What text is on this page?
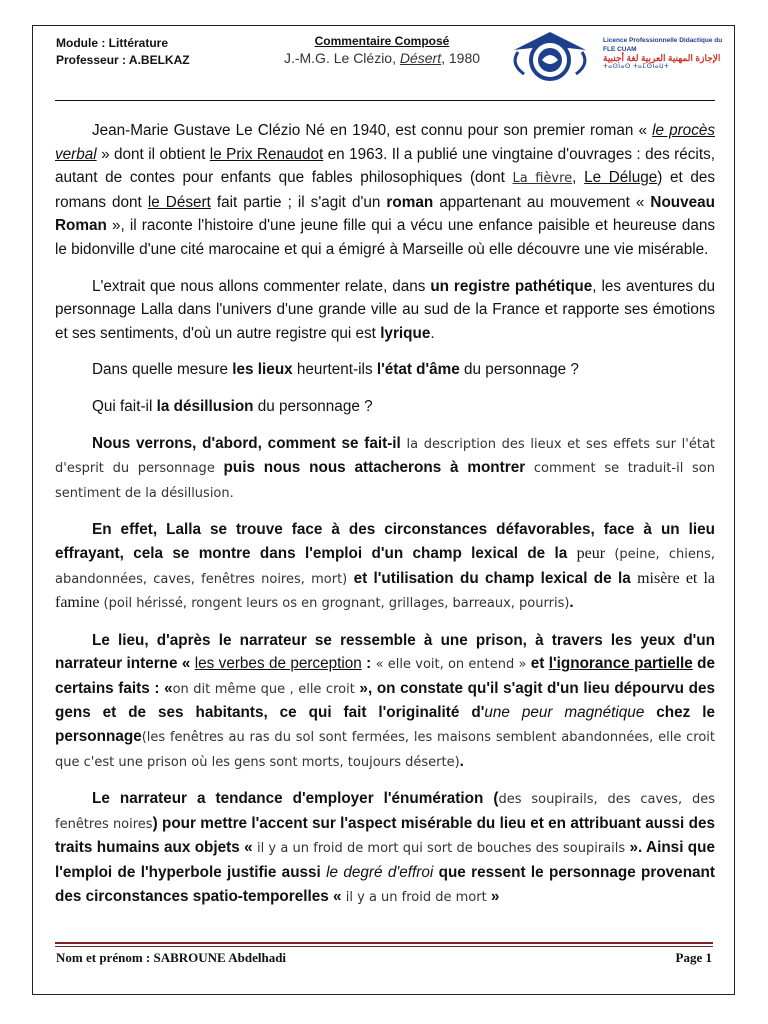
Module : Littérature
Professeur : A.BELKAZ
Commentaire Composé
J.-M.G. Le Clézio, Désert, 1980
Licence Professionnelle Didactique du FLE CUAM
الإجازة المهنية العربية لغة أجنبية
ⵜⴰⵙⵏⴰⵙ ⵜⴰⵎⵙⵏⴰⵡⵜ

Jean-Marie Gustave Le Clézio Né en 1940, est connu pour son premier roman « le procès verbal » dont il obtient le Prix Renaudot en 1963. Il a publié une vingtaine d'ouvrages : des récits, autant de contes pour enfants que fables philosophiques (dont La fièvre, Le Déluge) et des romans dont le Désert fait partie ; il s'agit d'un roman appartenant au mouvement « Nouveau Roman », il raconte l'histoire d'une jeune fille qui a vécu une enfance paisible et heureuse dans le bidonville d'une cité marocaine et qui a émigré à Marseille où elle découvre une vie misérable.

L'extrait que nous allons commenter relate, dans un registre pathétique, les aventures du personnage Lalla dans l'univers d'une grande ville au sud de la France et rapporte ses émotions et ses sentiments, d'où un autre registre qui est lyrique.

Dans quelle mesure les lieux heurtent-ils l'état d'âme du personnage ?

Qui fait-il la désillusion du personnage ?

Nous verrons, d'abord, comment se fait-il la description des lieux et ses effets sur l'état d'esprit du personnage puis nous nous attacherons à montrer comment se traduit-il son sentiment de la désillusion.

En effet, Lalla se trouve face à des circonstances défavorables, face à un lieu effrayant, cela se montre dans l'emploi d'un champ lexical de la peur (peine, chiens, abandonnées, caves, fenêtres noires, mort) et l'utilisation du champ lexical de la misère et la famine (poil hérissé, rongent leurs os en grognant, grillages, barreaux, pourris).

Le lieu, d'après le narrateur se ressemble à une prison, à travers les yeux d'un narrateur interne « les verbes de perception : « elle voit, on entend » et l'ignorance partielle de certains faits : «on dit même que , elle croit », on constate qu'il s'agit d'un lieu dépourvu des gens et de ses habitants, ce qui fait l'originalité d'une peur magnétique chez le personnage(les fenêtres au ras du sol sont fermées, les maisons semblent abandonnées, elle croit que c'est une prison où les gens sont morts, toujours déserte).

Le narrateur a tendance d'employer l'énumération (des soupirails, des caves, des fenêtres noires) pour mettre l'accent sur l'aspect misérable du lieu et en attribuant aussi des traits humains aux objets « il y a un froid de mort qui sort de bouches des soupirails ». Ainsi que l'emploi de l'hyperbole justifie aussi le degré d'effroi que ressent le personnage provenant des circonstances spatio-temporelles « il y a un froid de mort »

Nom et prénom : SABROUNE Abdelhadi	Page 1
